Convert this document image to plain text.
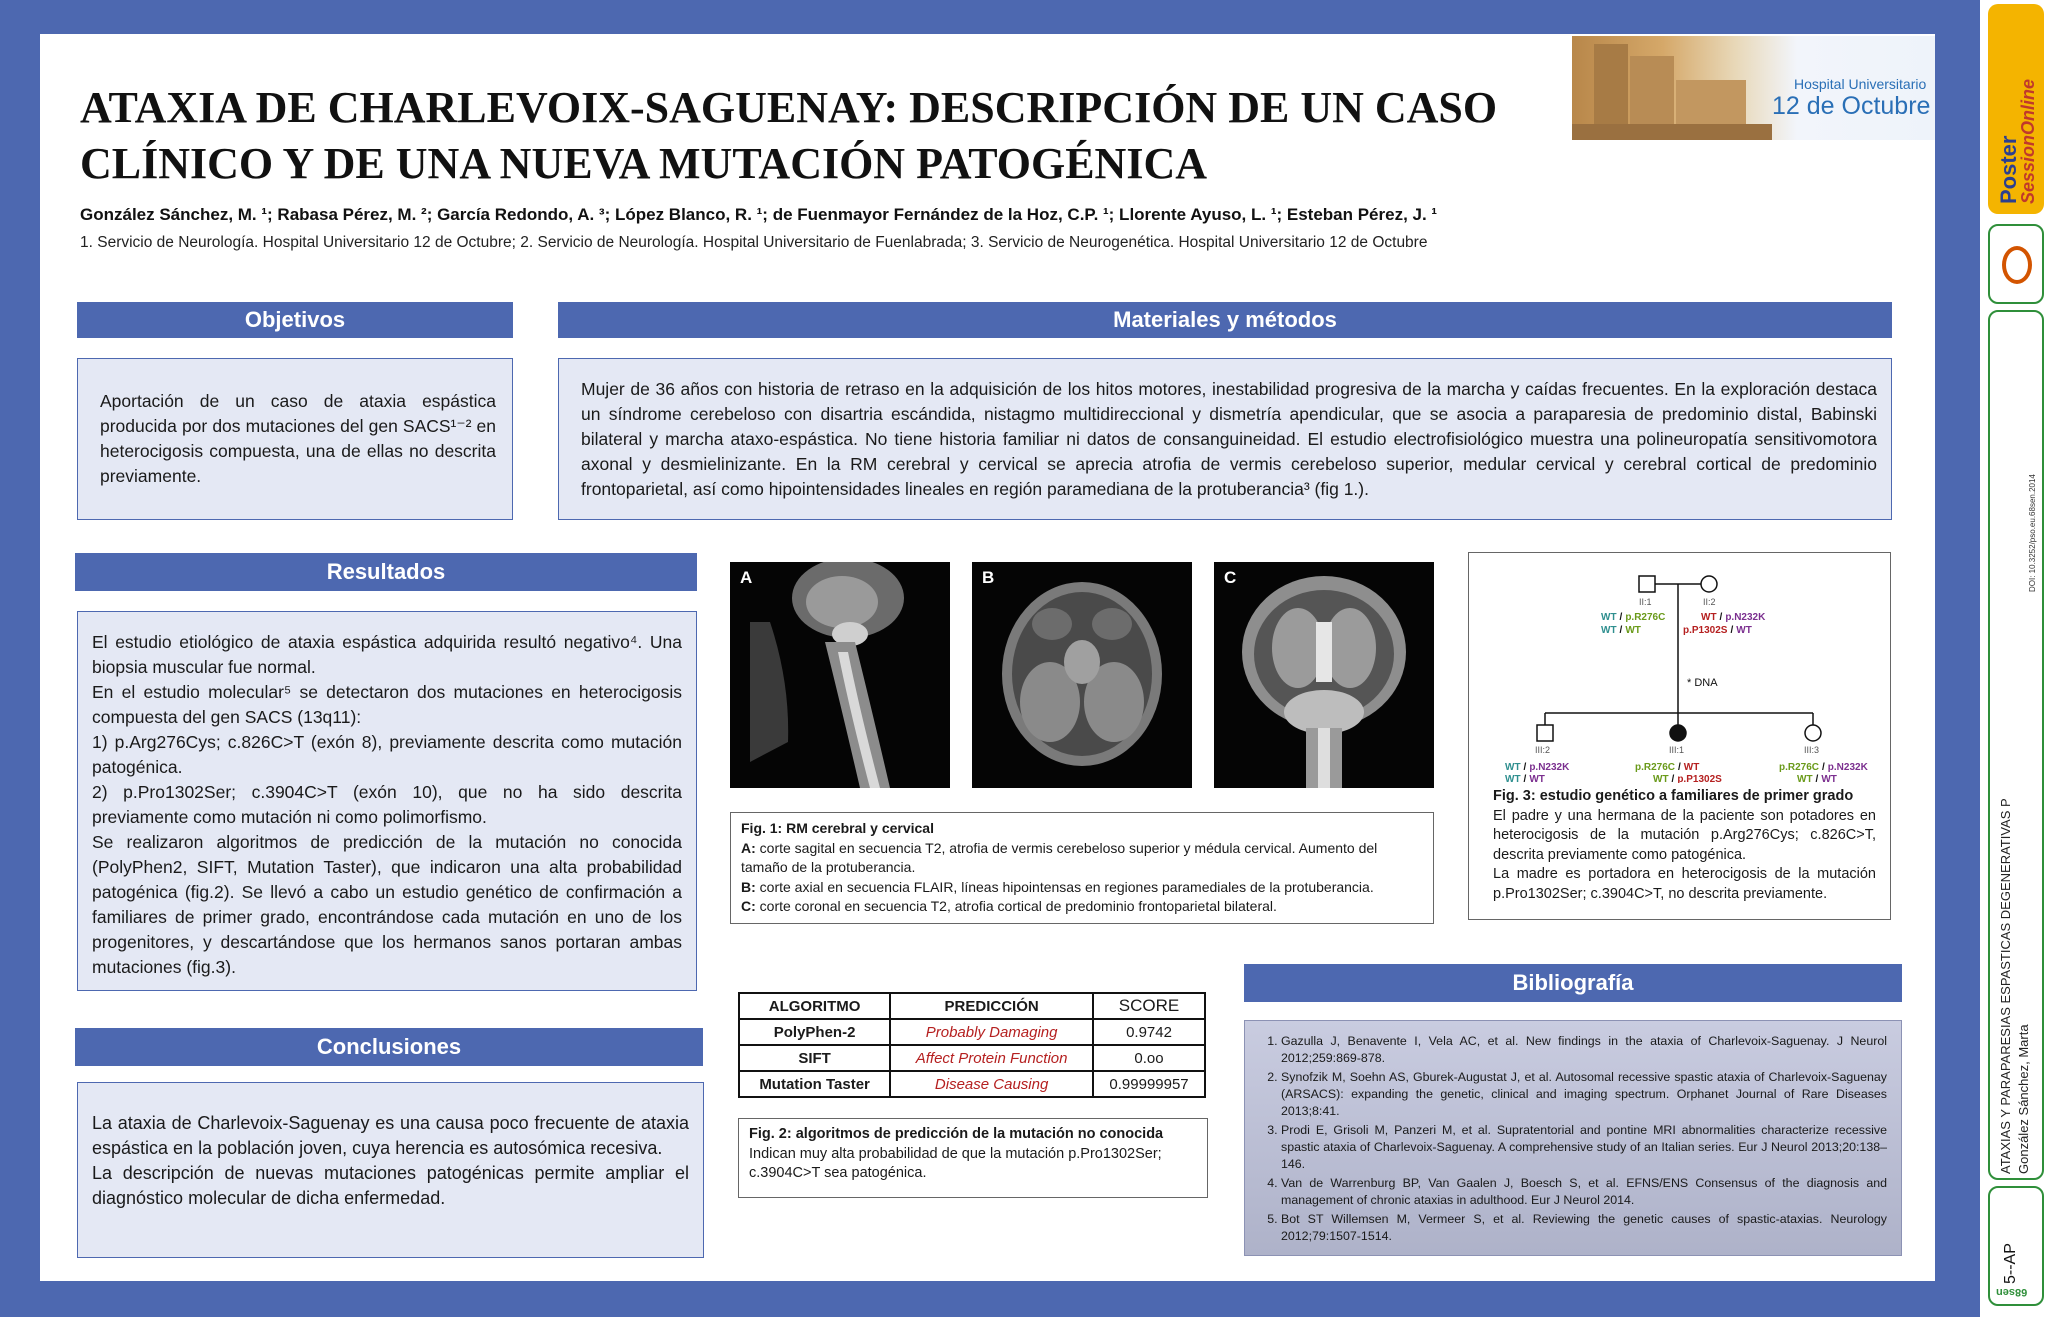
ATAXIA DE CHARLEVOIX-SAGUENAY: DESCRIPCIÓN DE UN CASO
CLÍNICO Y DE UNA NUEVA MUTACIÓN PATOGÉNICA
González Sánchez, M. ¹; Rabasa Pérez, M. ²; García Redondo, A. ³; López Blanco, R. ¹; de Fuenmayor Fernández de la Hoz, C.P. ¹; Llorente Ayuso, L. ¹; Esteban Pérez, J. ¹
1. Servicio de Neurología. Hospital Universitario 12 de Octubre; 2. Servicio de Neurología. Hospital Universitario de Fuenlabrada; 3. Servicio de Neurogenética. Hospital Universitario 12 de Octubre
Hospital Universitario
12 de Octubre
Objetivos
Aportación de un caso de ataxia espástica producida por dos mutaciones del gen SACS¹⁻² en heterocigosis compuesta, una de ellas no descrita previamente.
Materiales y métodos
Mujer de 36 años con historia de retraso en la adquisición de los hitos motores, inestabilidad progresiva de la marcha y caídas frecuentes. En la exploración destaca un síndrome cerebeloso con disartria escándida, nistagmo multidireccional y dismetría apendicular, que se asocia a paraparesia de predominio distal, Babinski bilateral y marcha ataxo-espástica. No tiene historia familiar ni datos de consanguineidad. El estudio electrofisiológico muestra una polineuropatía sensitivomotora axonal y desmielinizante. En la RM cerebral y cervical se aprecia atrofia de vermis cerebeloso superior, medular cervical y cerebral cortical de predominio frontoparietal, así como hipointensidades lineales en región paramediana de la protuberancia³ (fig 1.).
Resultados
El estudio etiológico de ataxia espástica adquirida resultó negativo⁴. Una biopsia muscular fue normal.
En el estudio molecular⁵ se detectaron dos mutaciones en heterocigosis compuesta del gen SACS (13q11):
1) p.Arg276Cys; c.826C>T (exón 8), previamente descrita como mutación patogénica.
2) p.Pro1302Ser; c.3904C>T (exón 10), que no ha sido descrita previamente como mutación ni como polimorfismo.
Se realizaron algoritmos de predicción de la mutación no conocida (PolyPhen2, SIFT, Mutation Taster), que indicaron una alta probabilidad patogénica (fig.2). Se llevó a cabo un estudio genético de confirmación a familiares de primer grado, encontrándose cada mutación en uno de los progenitores, y descartándose que los hermanos sanos portaran ambas mutaciones (fig.3).
Conclusiones
La ataxia de Charlevoix-Saguenay es una causa poco frecuente de ataxia espástica en la población joven, cuya herencia es autosómica recesiva.
La descripción de nuevas mutaciones patogénicas permite ampliar el diagnóstico molecular de dicha enfermedad.
A	B	C
Fig. 1: RM cerebral y cervical
A: corte sagital en secuencia T2, atrofia de vermis cerebeloso superior y médula cervical. Aumento del tamaño de la protuberancia.
B: corte axial en secuencia FLAIR, líneas hipointensas en regiones paramediales de la protuberancia.
C: corte coronal en secuencia T2, atrofia cortical de predominio frontoparietal bilateral.
ALGORITMO	PREDICCIÓN	SCORE
PolyPhen-2	Probably Damaging	0.9742
SIFT	Affect Protein Function	0.oo
Mutation Taster	Disease Causing	0.99999957
Fig. 2: algoritmos de predicción de la mutación no conocida
Indican muy alta probabilidad de que la mutación p.Pro1302Ser; c.3904C>T sea patogénica.
II:1	II:2
III:2	III:1	III:3
* DNA
WT / p.R276C
WT / WT
WT / p.N232K
p.P1302S / WT
WT / p.N232K
WT / WT
p.R276C / WT
WT / p.P1302S
p.R276C / p.N232K
WT / WT
Fig. 3: estudio genético a familiares de primer grado
El padre y una hermana de la paciente son potadores en heterocigosis de la mutación p.Arg276Cys; c.826C>T, descrita previamente como patogénica.
La madre es portadora en heterocigosis de la mutación p.Pro1302Ser; c.3904C>T, no descrita previamente.
Bibliografía
1. Gazulla J, Benavente I, Vela AC, et al. New findings in the ataxia of Charlevoix-Saguenay. J Neurol 2012;259:869-878.
2. Synofzik M, Soehn AS, Gburek-Augustat J, et al. Autosomal recessive spastic ataxia of Charlevoix-Saguenay (ARSACS): expanding the genetic, clinical and imaging spectrum. Orphanet Journal of Rare Diseases 2013;8:41.
3. Prodi E, Grisoli M, Panzeri M, et al. Supratentorial and pontine MRI abnormalities characterize recessive spastic ataxia of Charlevoix-Saguenay. A comprehensive study of an Italian series. Eur J Neurol 2013;20:138–146.
4. Van de Warrenburg BP, Van Gaalen J, Boesch S, et al. EFNS/ENS Consensus of the diagnosis and management of chronic ataxias in adulthood. Eur J Neurol 2014.
5. Bot ST Willemsen M, Vermeer S, et al. Reviewing the genetic causes of spastic-ataxias. Neurology 2012;79:1507-1514.
Poster
SessionOnline
DOI: 10.3252/pso.eu.68sen.2014
ATAXIAS Y PARAPARESIAS ESPASTICAS DEGENERATIVAS P González Sánchez, Marta
5--AP
68sen
